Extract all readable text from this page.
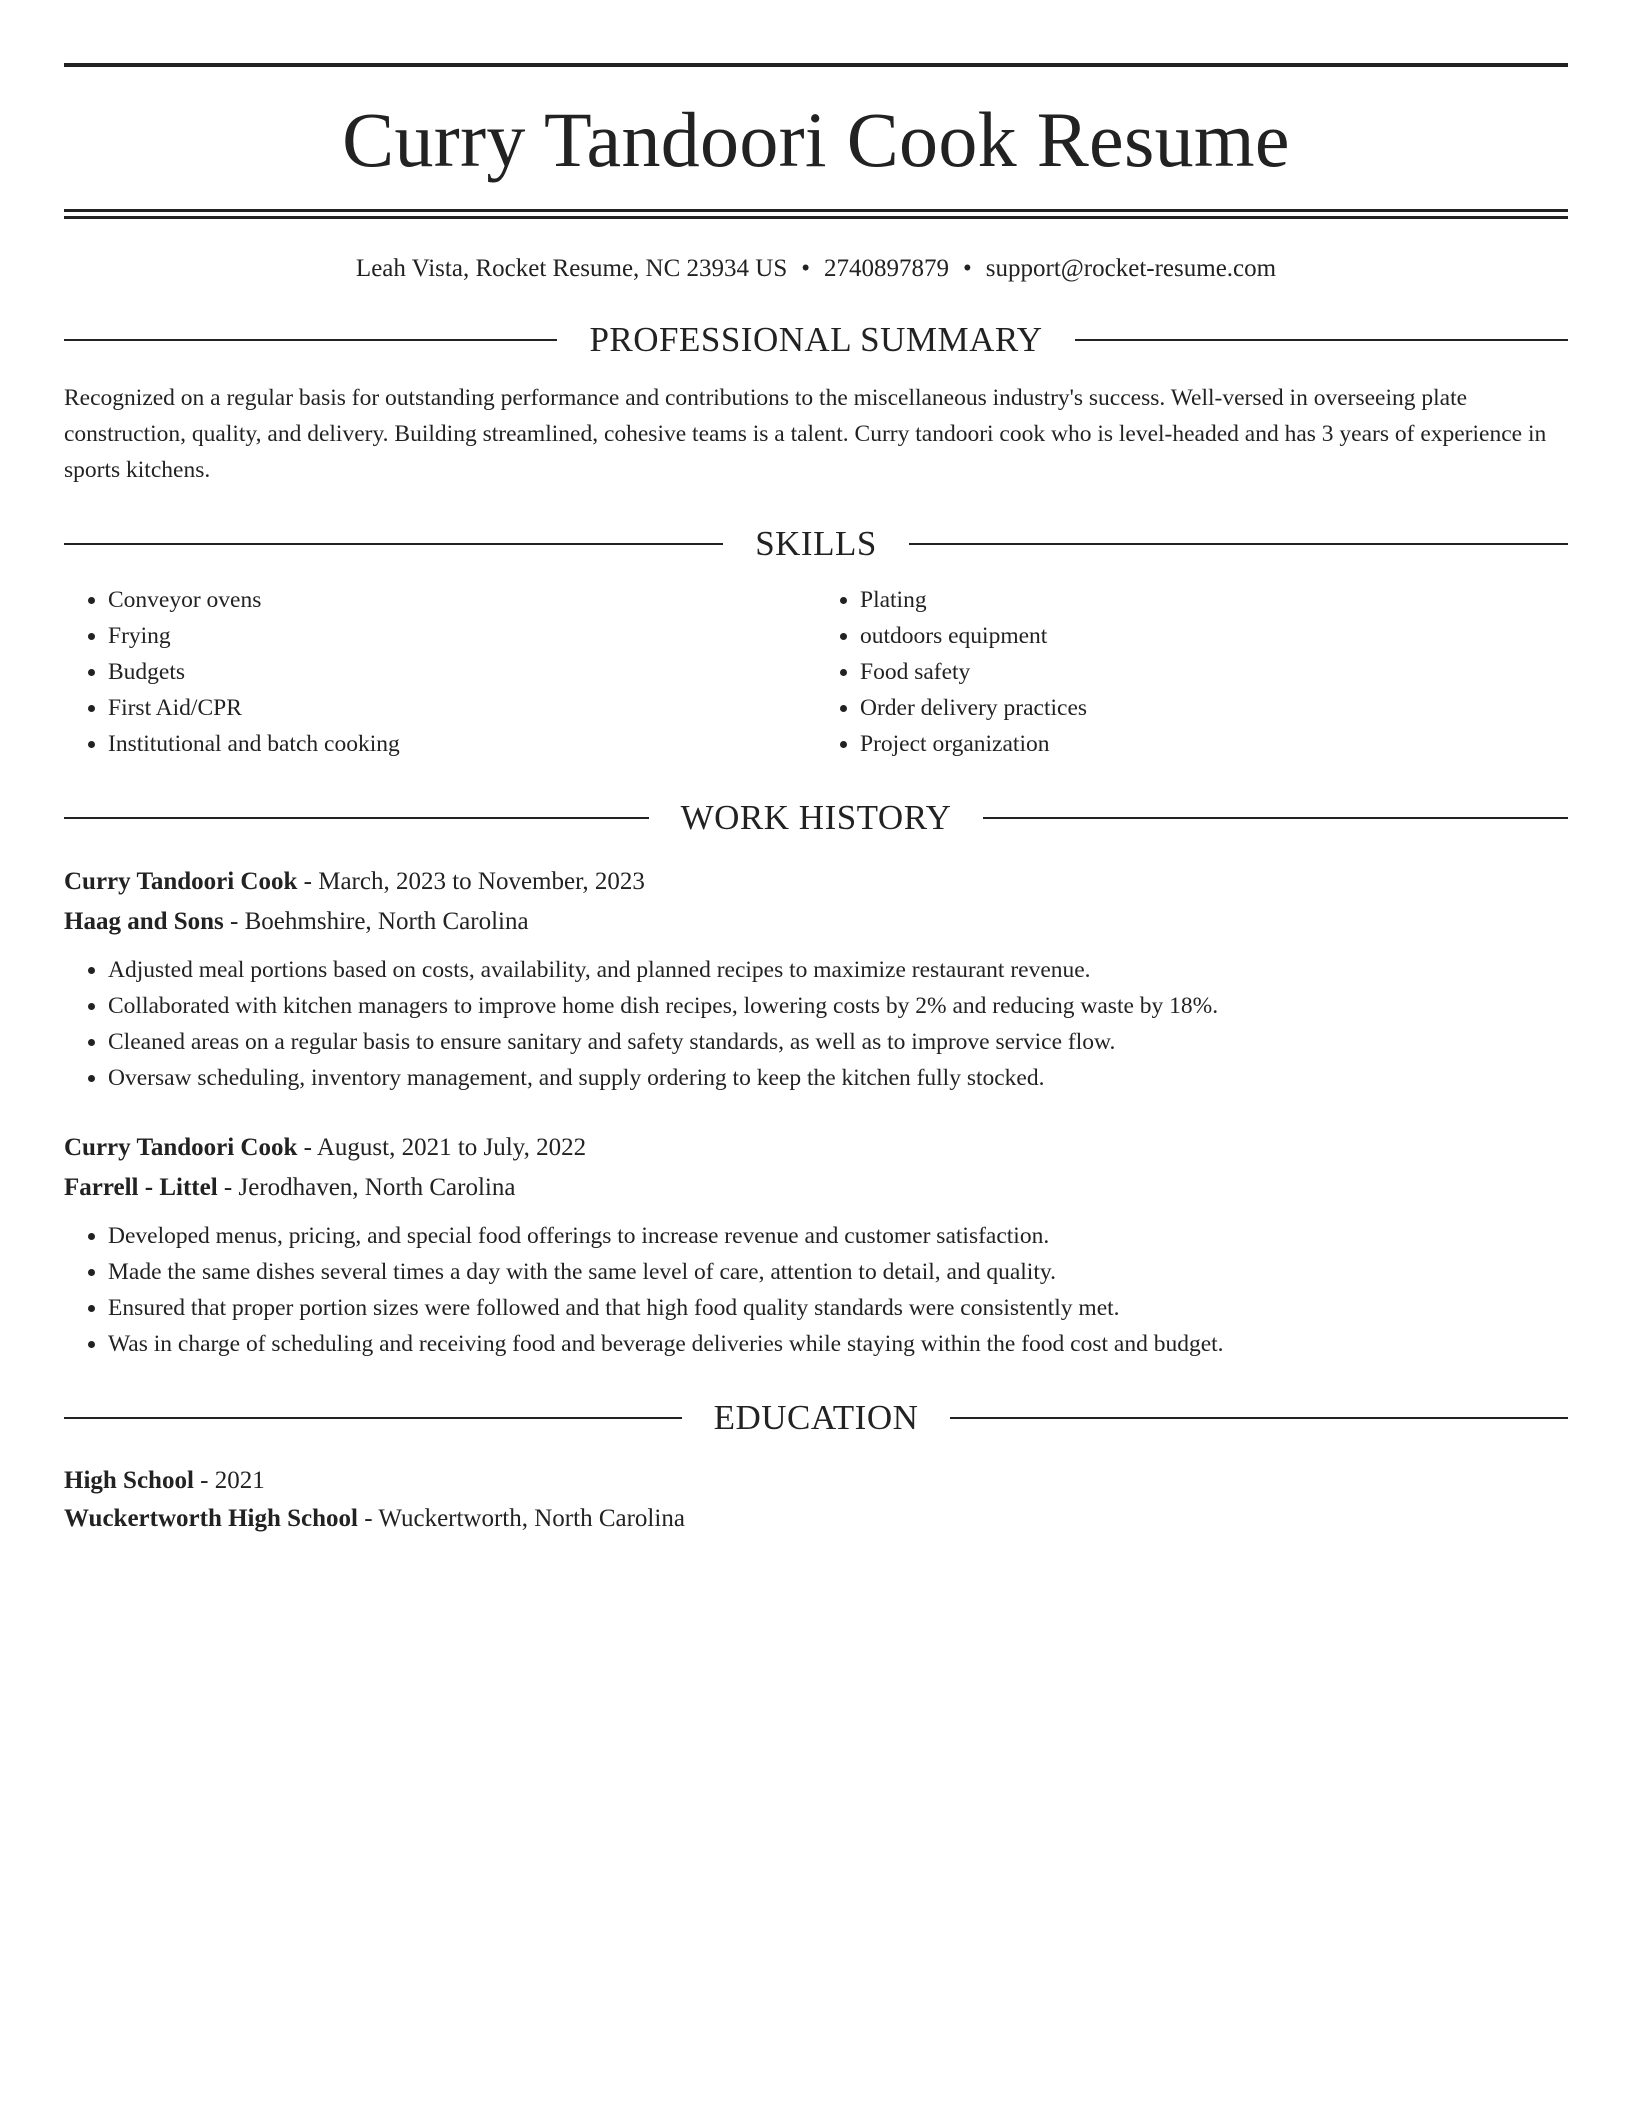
Curry Tandoori Cook Resume
Leah Vista, Rocket Resume, NC 23934 US • 2740897879 • support@rocket-resume.com
PROFESSIONAL SUMMARY
Recognized on a regular basis for outstanding performance and contributions to the miscellaneous industry's success. Well-versed in overseeing plate construction, quality, and delivery. Building streamlined, cohesive teams is a talent. Curry tandoori cook who is level-headed and has 3 years of experience in sports kitchens.
SKILLS
• Conveyor ovens
• Frying
• Budgets
• First Aid/CPR
• Institutional and batch cooking
• Plating
• outdoors equipment
• Food safety
• Order delivery practices
• Project organization
WORK HISTORY
Curry Tandoori Cook - March, 2023 to November, 2023
Haag and Sons - Boehmshire, North Carolina
• Adjusted meal portions based on costs, availability, and planned recipes to maximize restaurant revenue.
• Collaborated with kitchen managers to improve home dish recipes, lowering costs by 2% and reducing waste by 18%.
• Cleaned areas on a regular basis to ensure sanitary and safety standards, as well as to improve service flow.
• Oversaw scheduling, inventory management, and supply ordering to keep the kitchen fully stocked.
Curry Tandoori Cook - August, 2021 to July, 2022
Farrell - Littel - Jerodhaven, North Carolina
• Developed menus, pricing, and special food offerings to increase revenue and customer satisfaction.
• Made the same dishes several times a day with the same level of care, attention to detail, and quality.
• Ensured that proper portion sizes were followed and that high food quality standards were consistently met.
• Was in charge of scheduling and receiving food and beverage deliveries while staying within the food cost and budget.
EDUCATION
High School - 2021
Wuckertworth High School - Wuckertworth, North Carolina
